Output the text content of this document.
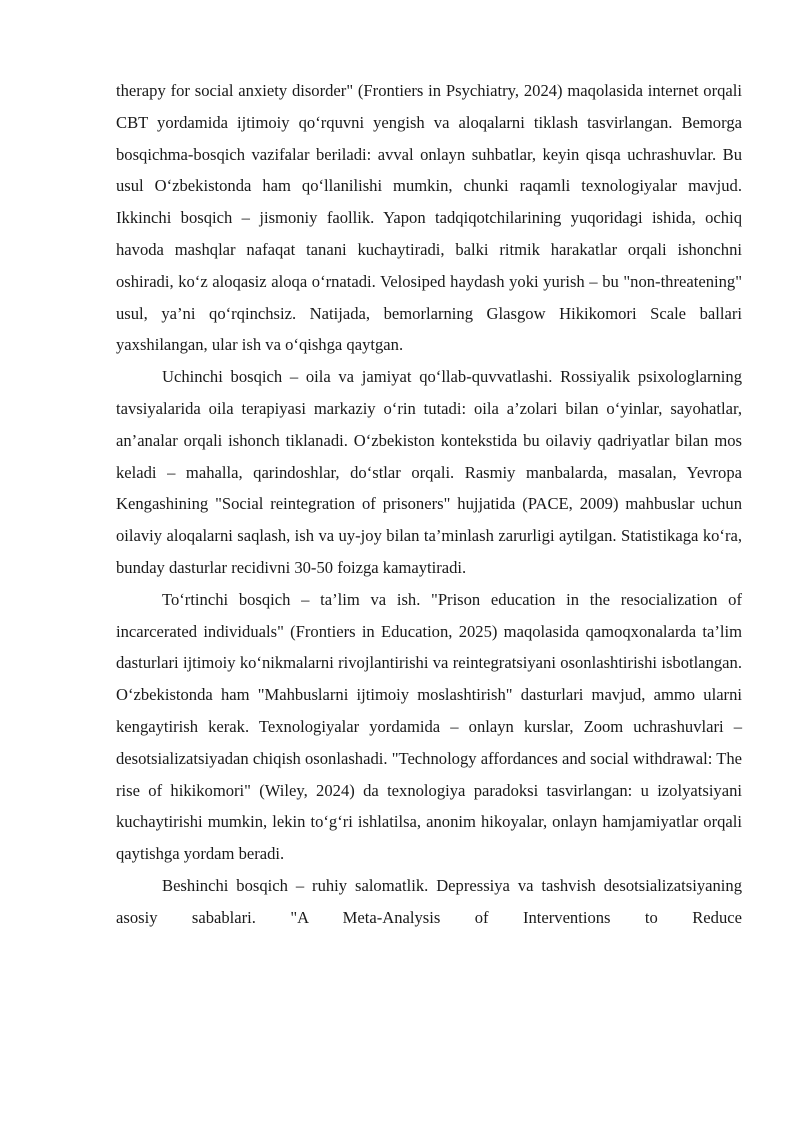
therapy for social anxiety disorder" (Frontiers in Psychiatry, 2024) maqolasida internet orqali CBT yordamida ijtimoiy qo‘rquvni yengish va aloqalarni tiklash tasvirlangan. Bemorga bosqichma-bosqich vazifalar beriladi: avval onlayn suhbatlar, keyin qisqa uchrashuvlar. Bu usul O‘zbekistonda ham qo‘llanilishi mumkin, chunki raqamli texnologiyalar mavjud. Ikkinchi bosqich – jismoniy faollik. Yapon tadqiqotchilarining yuqoridagi ishida, ochiq havoda mashqlar nafaqat tanani kuchaytiradi, balki ritmik harakatlar orqali ishonchni oshiradi, ko‘z aloqasiz aloqa o‘rnatadi. Velosiped haydash yoki yurish – bu "non-threatening" usul, ya’ni qo‘rqinchsiz. Natijada, bemorlarning Glasgow Hikikomori Scale ballari yaxshilangan, ular ish va o‘qishga qaytgan.

Uchinchi bosqich – oila va jamiyat qo‘llab-quvvatlashi. Rossiyalik psixologlarning tavsiyalarida oila terapiyasi markaziy o‘rin tutadi: oila a’zolari bilan o‘yinlar, sayohatlar, an’analar orqali ishonch tiklanadi. O‘zbekiston kontekstida bu oilaviy qadriyatlar bilan mos keladi – mahalla, qarindoshlar, do‘stlar orqali. Rasmiy manbalarda, masalan, Yevropa Kengashining "Social reintegration of prisoners" hujjatida (PACE, 2009) mahbuslar uchun oilaviy aloqalarni saqlash, ish va uy-joy bilan ta’minlash zarurligi aytilgan. Statistikaga ko‘ra, bunday dasturlar recidivni 30-50 foizga kamaytiradi.

To‘rtinchi bosqich – ta’lim va ish. "Prison education in the resocialization of incarcerated individuals" (Frontiers in Education, 2025) maqolasida qamoqxonalarda ta’lim dasturlari ijtimoiy ko‘nikmalarni rivojlantirishi va reintegratsiyani osonlashtirishi isbotlangan. O‘zbekistonda ham "Mahbuslarni ijtimoiy moslashtirish" dasturlari mavjud, ammo ularni kengaytirish kerak. Texnologiyalar yordamida – onlayn kurslar, Zoom uchrashuvlari – desotsializatsiyadan chiqish osonlashadi. "Technology affordances and social withdrawal: The rise of hikikomori" (Wiley, 2024) da texnologiya paradoksi tasvirlangan: u izolyatsiyani kuchaytirishi mumkin, lekin to‘g‘ri ishlatilsa, anonim hikoyalar, onlayn hamjamiyatlar orqali qaytishga yordam beradi.

Beshinchi bosqich – ruhiy salomatlik. Depressiya va tashvish desotsializatsiyaning asosiy sabablari. "A Meta-Analysis of Interventions to Reduce
